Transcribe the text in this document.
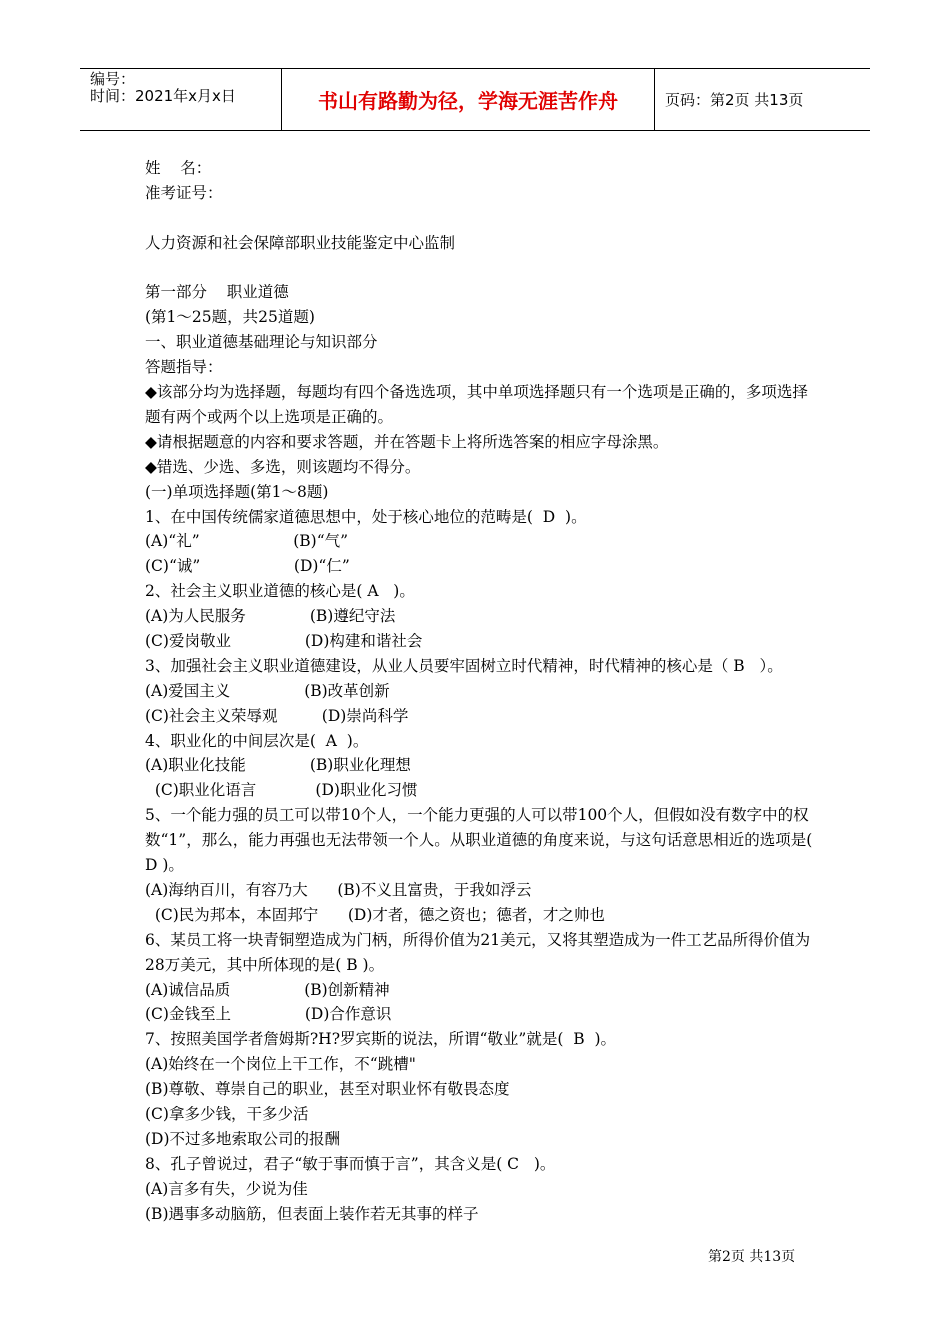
编号：
时间：2021年x月x日	书山有路勤为径，学海无涯苦作舟	页码：第2页 共13页
姓    名：
准考证号：
人力资源和社会保障部职业技能鉴定中心监制
第一部分    职业道德
(第1～25题，共25道题)
一、职业道德基础理论与知识部分
答题指导：
◆该部分均为选择题，每题均有四个备选选项，其中单项选择题只有一个选项是正确的，多项选择题有两个或两个以上选项是正确的。
◆请根据题意的内容和要求答题，并在答题卡上将所选答案的相应字母涂黑。
◆错选、少选、多选，则该题均不得分。
(一)单项选择题(第1～8题)
1、在中国传统儒家道德思想中，处于核心地位的范畴是(  D  )。
(A)“礼”                   (B)“气”
(C)“诚”                   (D)“仁”
2、社会主义职业道德的核心是( A   )。
(A)为人民服务             (B)遵纪守法
(C)爱岗敬业               (D)构建和谐社会
3、加强社会主义职业道德建设，从业人员要牢固树立时代精神，时代精神的核心是（ B   ）。
(A)爱国主义               (B)改革创新
(C)社会主义荣辱观         (D)崇尚科学
4、职业化的中间层次是(  A  )。
(A)职业化技能             (B)职业化理想
(C)职业化语言            (D)职业化习惯
5、一个能力强的员工可以带10个人，一个能力更强的人可以带100个人，但假如没有数字中的权数“1”，那么，能力再强也无法带领一个人。从职业道德的角度来说，与这句话意思相近的选项是( D )。
(A)海纳百川，有容乃大      (B)不义且富贵，于我如浮云
(C)民为邦本，本固邦宁      (D)才者，德之资也；德者，才之帅也
6、某员工将一块青铜塑造成为门柄，所得价值为21美元，又将其塑造成为一件工艺品所得价值为28万美元，其中所体现的是( B )。
(A)诚信品质               (B)创新精神
(C)金钱至上               (D)合作意识
7、按照美国学者詹姆斯?H?罗宾斯的说法，所谓“敬业”就是(  B  )。
(A)始终在一个岗位上干工作，不“跳槽"
(B)尊敬、尊崇自己的职业，甚至对职业怀有敬畏态度
(C)拿多少钱，干多少活
(D)不过多地索取公司的报酬
8、孔子曾说过，君子“敏于事而慎于言”，其含义是( C   )。
(A)言多有失，少说为佳
(B)遇事多动脑筋，但表面上装作若无其事的样子
第2页 共13页
